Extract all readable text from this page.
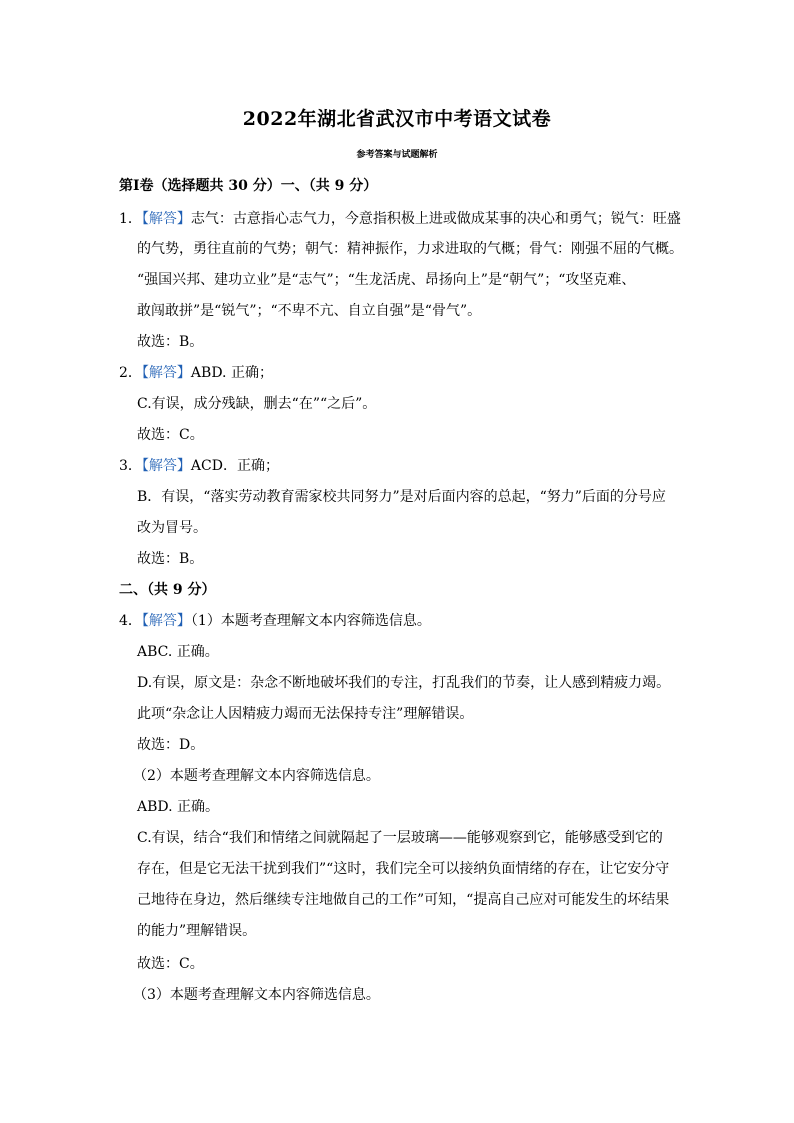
2022年湖北省武汉市中考语文试卷
参考答案与试题解析
第Ⅰ卷（选择题共 30 分）一、（共 9 分）
1．【解答】志气：古意指心志气力，今意指积极上进或做成某事的决心和勇气；锐气：旺盛
的气势，勇往直前的气势；朝气：精神振作，力求进取的气概；骨气：刚强不屈的气概。
“强国兴邦、建功立业”是“志气”；“生龙活虎、昂扬向上”是“朝气”；“攻坚克难、
敢闯敢拼”是“锐气”；“不卑不亢、自立自强”是“骨气”。
故选：B。
2．【解答】ABD. 正确；
C.有误，成分残缺，删去“在”“之后”。
故选：C。
3．【解答】ACD．正确；
B．有误，“落实劳动教育需家校共同努力”是对后面内容的总起，“努力”后面的分号应
改为冒号。
故选：B。
二、（共 9 分）
4．【解答】（1）本题考查理解文本内容筛选信息。
ABC. 正确。
D.有误，原文是：杂念不断地破坏我们的专注，打乱我们的节奏，让人感到精疲力竭。
此项“杂念让人因精疲力竭而无法保持专注”理解错误。
故选：D。
（2）本题考查理解文本内容筛选信息。
ABD. 正确。
C.有误，结合“我们和情绪之间就隔起了一层玻璃——能够观察到它，能够感受到它的
存在，但是它无法干扰到我们”“这时，我们完全可以接纳负面情绪的存在，让它安分守
己地待在身边，然后继续专注地做自己的工作”可知，“提高自己应对可能发生的坏结果
的能力”理解错误。
故选：C。
（3）本题考查理解文本内容筛选信息。
